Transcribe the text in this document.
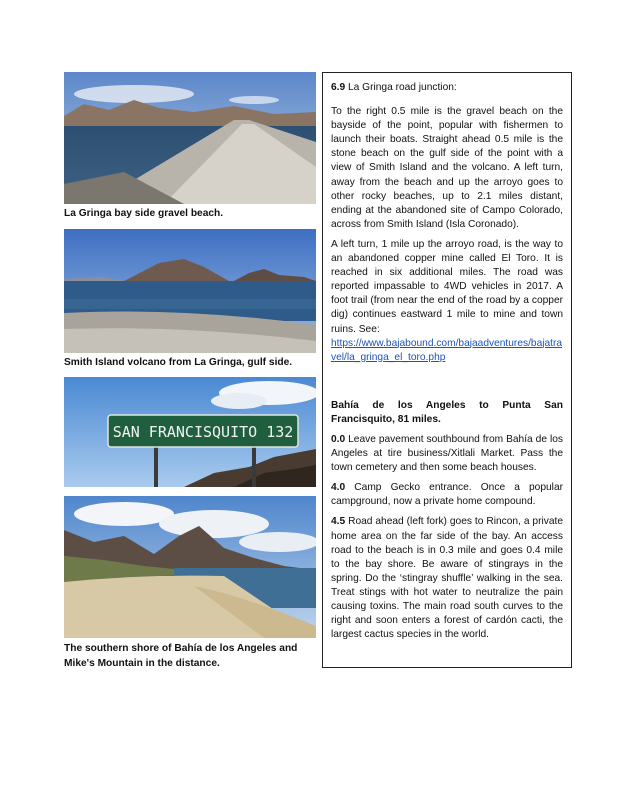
La Gringa bay side gravel beach.
Smith Island volcano from La Gringa, gulf side.
SAN FRANCISQUITO 132
The southern shore of Bahía de los Angeles and Mike's Mountain in the distance.

6.9 La Gringa road junction:

To the right 0.5 mile is the gravel beach on the bayside of the point, popular with fishermen to launch their boats. Straight ahead 0.5 mile is the stone beach on the gulf side of the point with a view of Smith Island and the volcano. A left turn, away from the beach and up the arroyo goes to other rocky beaches, up to 2.1 miles distant, ending at the abandoned site of Campo Colorado, across from Smith Island (Isla Coronado).

A left turn, 1 mile up the arroyo road, is the way to an abandoned copper mine called El Toro. It is reached in six additional miles. The road was reported impassable to 4WD vehicles in 2017. A foot trail (from near the end of the road by a copper dig) continues eastward 1 mile to mine and town ruins. See:
https://www.bajabound.com/bajaadventures/bajatravel/la_gringa_el_toro.php

Bahía de los Angeles to Punta San Francisquito, 81 miles.

0.0 Leave pavement southbound from Bahía de los Angeles at tire business/Xitlali Market. Pass the town cemetery and then some beach houses.

4.0 Camp Gecko entrance. Once a popular campground, now a private home compound.

4.5 Road ahead (left fork) goes to Rincon, a private home area on the far side of the bay. An access road to the beach is in 0.3 mile and goes 0.4 mile to the bay shore. Be aware of stingrays in the spring. Do the ‘stingray shuffle’ walking in the sea. Treat stings with hot water to neutralize the pain causing toxins. The main road south curves to the right and soon enters a forest of cardón cacti, the largest cactus species in the world.
